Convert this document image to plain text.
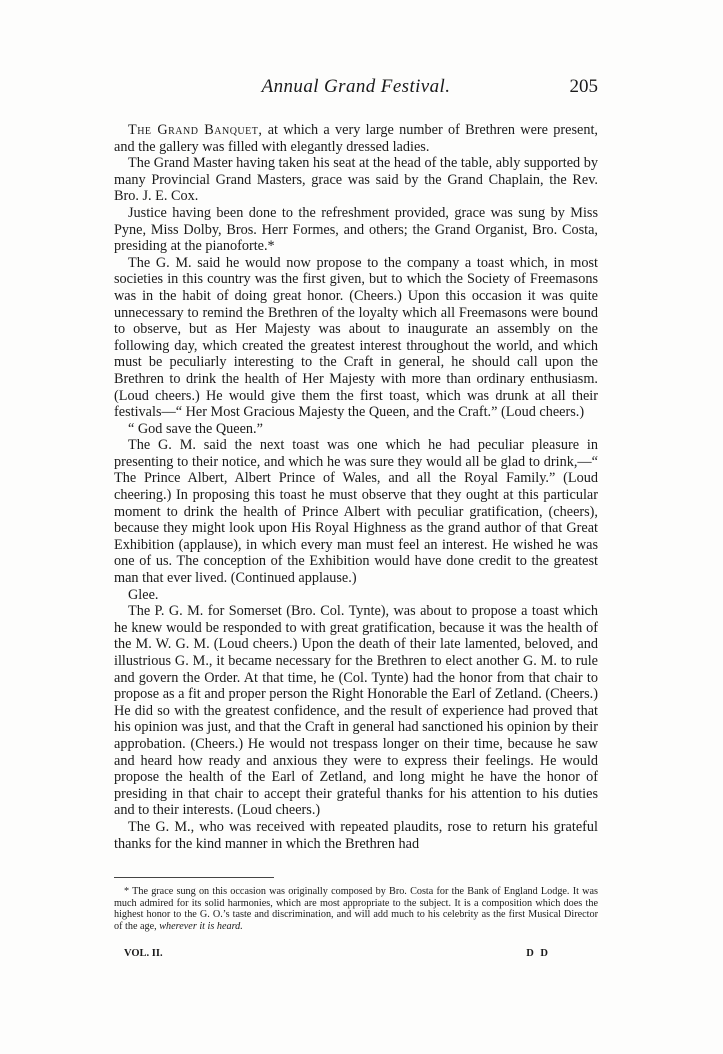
Annual Grand Festival.	205

The Grand Banquet, at which a very large number of Brethren were present, and the gallery was filled with elegantly dressed ladies.

The Grand Master having taken his seat at the head of the table, ably supported by many Provincial Grand Masters, grace was said by the Grand Chaplain, the Rev. Bro. J. E. Cox.

Justice having been done to the refreshment provided, grace was sung by Miss Pyne, Miss Dolby, Bros. Herr Formes, and others; the Grand Organist, Bro. Costa, presiding at the pianoforte.*

The G. M. said he would now propose to the company a toast which, in most societies in this country was the first given, but to which the Society of Freemasons was in the habit of doing great honor. (Cheers.) Upon this occasion it was quite unnecessary to remind the Brethren of the loyalty which all Freemasons were bound to observe, but as Her Majesty was about to inaugurate an assembly on the following day, which created the greatest interest throughout the world, and which must be peculiarly interesting to the Craft in general, he should call upon the Brethren to drink the health of Her Majesty with more than ordinary enthusiasm. (Loud cheers.) He would give them the first toast, which was drunk at all their festivals—“ Her Most Gracious Majesty the Queen, and the Craft.” (Loud cheers.)

“ God save the Queen.”

The G. M. said the next toast was one which he had peculiar pleasure in presenting to their notice, and which he was sure they would all be glad to drink,—“ The Prince Albert, Albert Prince of Wales, and all the Royal Family.” (Loud cheering.) In proposing this toast he must observe that they ought at this particular moment to drink the health of Prince Albert with peculiar gratification, (cheers), because they might look upon His Royal Highness as the grand author of that Great Exhibition (applause), in which every man must feel an interest. He wished he was one of us. The conception of the Exhibition would have done credit to the greatest man that ever lived. (Continued applause.)

Glee.

The P. G. M. for Somerset (Bro. Col. Tynte), was about to propose a toast which he knew would be responded to with great gratification, because it was the health of the M. W. G. M. (Loud cheers.) Upon the death of their late lamented, beloved, and illustrious G. M., it became necessary for the Brethren to elect another G. M. to rule and govern the Order. At that time, he (Col. Tynte) had the honor from that chair to propose as a fit and proper person the Right Honorable the Earl of Zetland. (Cheers.) He did so with the greatest confidence, and the result of experience had proved that his opinion was just, and that the Craft in general had sanctioned his opinion by their approbation. (Cheers.) He would not trespass longer on their time, because he saw and heard how ready and anxious they were to express their feelings. He would propose the health of the Earl of Zetland, and long might he have the honor of presiding in that chair to accept their grateful thanks for his attention to his duties and to their interests. (Loud cheers.)

The G. M., who was received with repeated plaudits, rose to return his grateful thanks for the kind manner in which the Brethren had

* The grace sung on this occasion was originally composed by Bro. Costa for the Bank of England Lodge. It was much admired for its solid harmonies, which are most appropriate to the subject. It is a composition which does the highest honor to the G. O.’s taste and discrimination, and will add much to his celebrity as the first Musical Director of the age, wherever it is heard.
VOL. II.	D D
